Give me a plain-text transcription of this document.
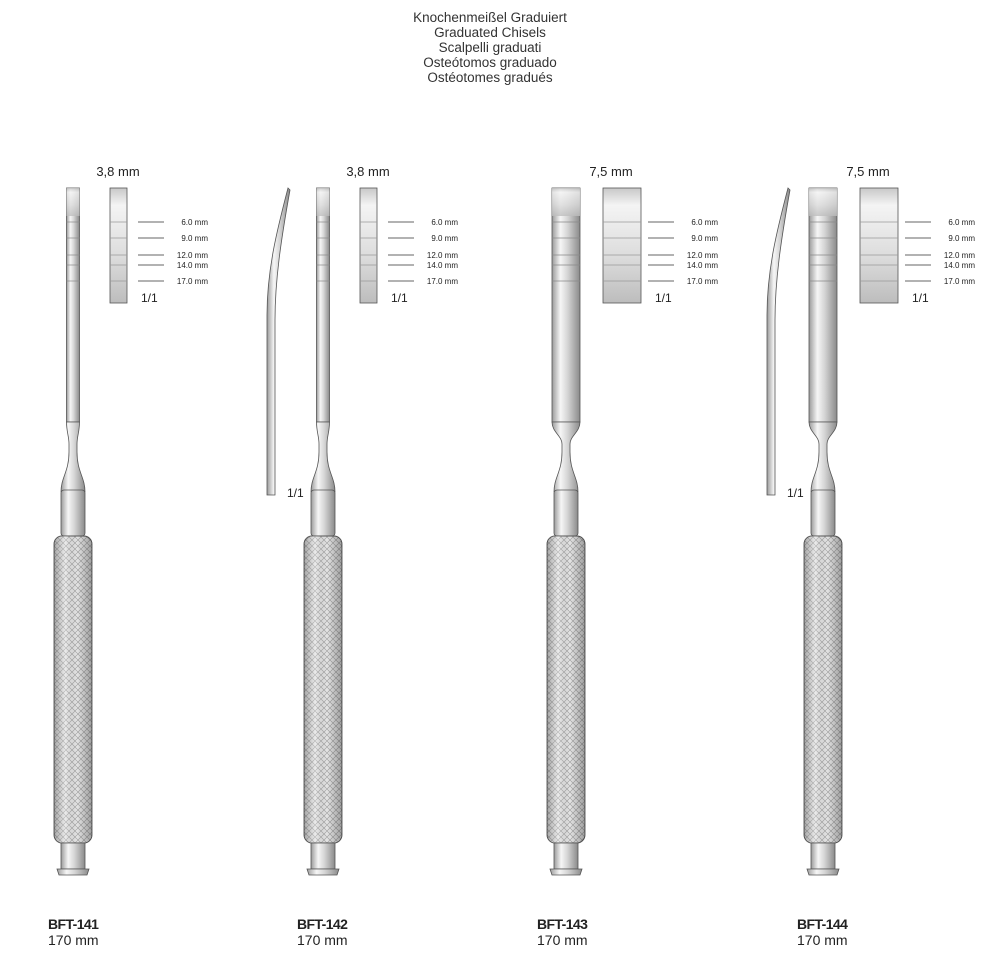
Knochenmeißel Graduiert
Graduated Chisels
Scalpelli graduati
Osteótomos graduado
Ostéotomes gradués
3,8 mm
6.0 mm
9.0 mm
12.0 mm
14.0 mm
17.0 mm
1/1
3,8 mm
6.0 mm
9.0 mm
12.0 mm
14.0 mm
17.0 mm
1/1
1/1
7,5 mm
6.0 mm
9.0 mm
12.0 mm
14.0 mm
17.0 mm
1/1
7,5 mm
6.0 mm
9.0 mm
12.0 mm
14.0 mm
17.0 mm
1/1
1/1
BFT-141
170 mm
BFT-142
170 mm
BFT-143
170 mm
BFT-144
170 mm
